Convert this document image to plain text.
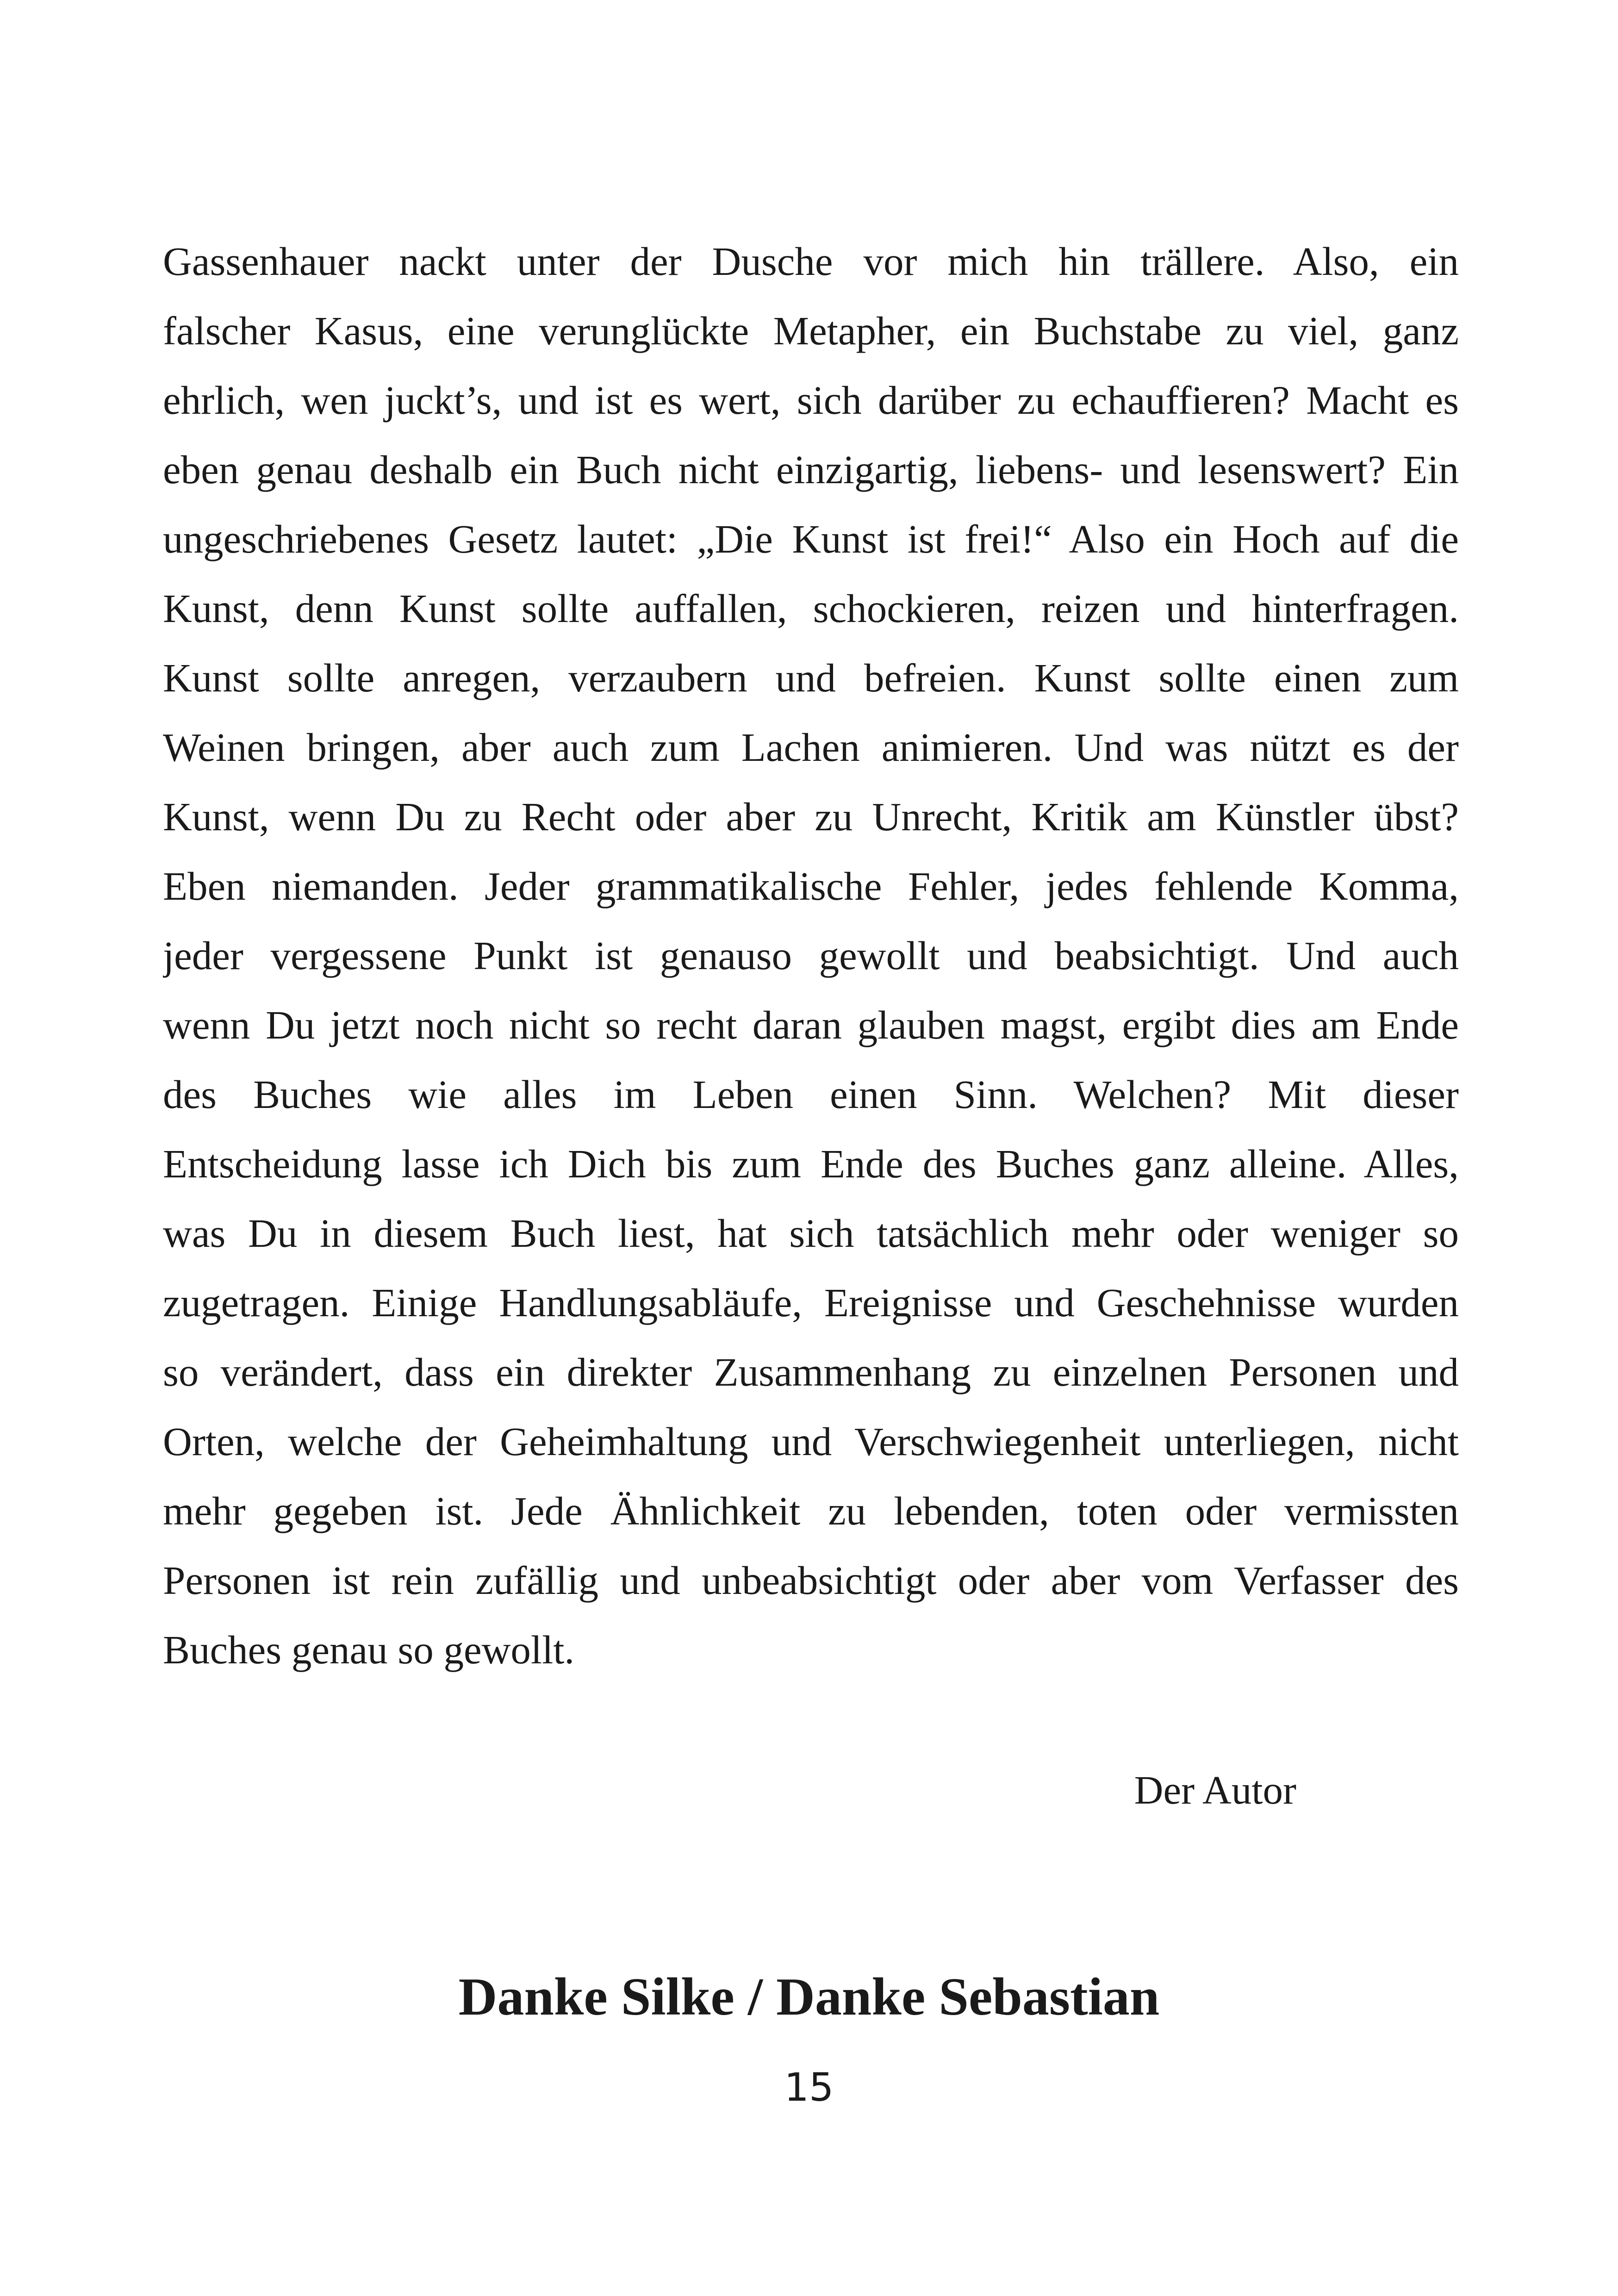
Gassenhauer nackt unter der Dusche vor mich hin trällere. Also, ein
falscher Kasus, eine verunglückte Metapher, ein Buchstabe zu viel, ganz
ehrlich, wen juckt’s, und ist es wert, sich darüber zu echauffieren? Macht es
eben genau deshalb ein Buch nicht einzigartig, liebens- und lesenswert? Ein
ungeschriebenes Gesetz lautet: „Die Kunst ist frei!“ Also ein Hoch auf die
Kunst, denn Kunst sollte auffallen, schockieren, reizen und hinterfragen.
Kunst sollte anregen, verzaubern und befreien. Kunst sollte einen zum
Weinen bringen, aber auch zum Lachen animieren. Und was nützt es der
Kunst, wenn Du zu Recht oder aber zu Unrecht, Kritik am Künstler übst?
Eben niemanden. Jeder grammatikalische Fehler, jedes fehlende Komma,
jeder vergessene Punkt ist genauso gewollt und beabsichtigt. Und auch
wenn Du jetzt noch nicht so recht daran glauben magst, ergibt dies am Ende
des Buches wie alles im Leben einen Sinn. Welchen? Mit dieser
Entscheidung lasse ich Dich bis zum Ende des Buches ganz alleine. Alles,
was Du in diesem Buch liest, hat sich tatsächlich mehr oder weniger so
zugetragen. Einige Handlungsabläufe, Ereignisse und Geschehnisse wurden
so verändert, dass ein direkter Zusammenhang zu einzelnen Personen und
Orten, welche der Geheimhaltung und Verschwiegenheit unterliegen, nicht
mehr gegeben ist. Jede Ähnlichkeit zu lebenden, toten oder vermissten
Personen ist rein zufällig und unbeabsichtigt oder aber vom Verfasser des
Buches genau so gewollt.
Der Autor
Danke Silke / Danke Sebastian
15
